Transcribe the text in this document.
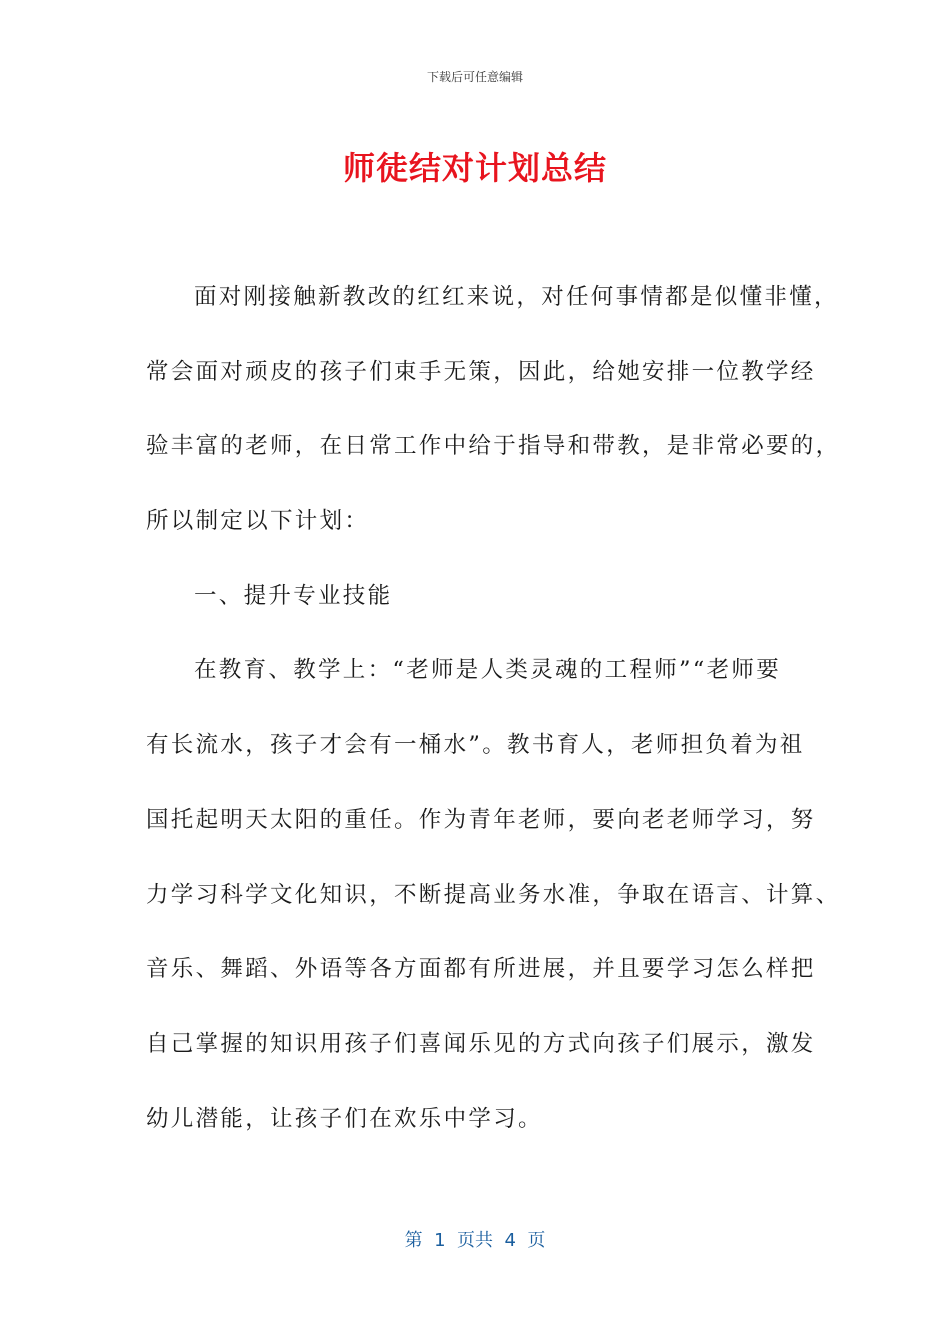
下载后可任意编辑
师徒结对计划总结
面对刚接触新教改的红红来说，对任何事情都是似懂非懂，
常会面对顽皮的孩子们束手无策，因此，给她安排一位教学经
验丰富的老师，在日常工作中给于指导和带教，是非常必要的，
所以制定以下计划：
一、提升专业技能
在教育、教学上：“老师是人类灵魂的工程师”“老师要
有长流水，孩子才会有一桶水”。教书育人，老师担负着为祖
国托起明天太阳的重任。作为青年老师，要向老老师学习，努
力学习科学文化知识，不断提高业务水准，争取在语言、计算、
音乐、舞蹈、外语等各方面都有所进展，并且要学习怎么样把
自己掌握的知识用孩子们喜闻乐见的方式向孩子们展示，激发
幼儿潜能，让孩子们在欢乐中学习。
第  1  页共  4  页
